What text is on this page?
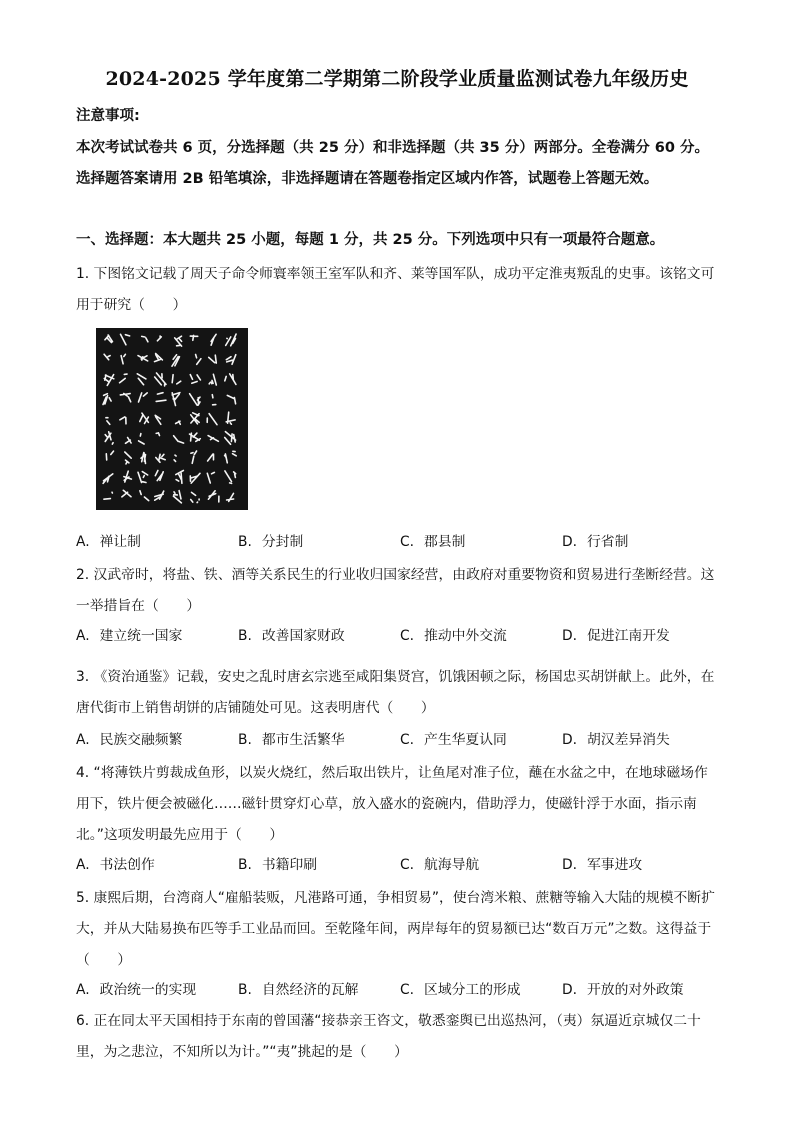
2024-2025 学年度第二学期第二阶段学业质量监测试卷九年级历史
注意事项:
本次考试试卷共 6 页，分选择题（共 25 分）和非选择题（共 35 分）两部分。全卷满分 60 分。选择题答案请用 2B 铅笔填涂，非选择题请在答题卷指定区域内作答，试题卷上答题无效。
一、选择题：本大题共 25 小题，每题 1 分，共 25 分。下列选项中只有一项最符合题意。
1. 下图铭文记载了周天子命令师寰率领王室军队和齐、莱等国军队，成功平定淮夷叛乱的史事。该铭文可用于研究（　　）
A. 禅让制	B. 分封制	C. 郡县制	D. 行省制
2. 汉武帝时，将盐、铁、酒等关系民生的行业收归国家经营，由政府对重要物资和贸易进行垄断经营。这一举措旨在（　　）
A. 建立统一国家	B. 改善国家财政	C. 推动中外交流	D. 促进江南开发
3. 《资治通鉴》记载，安史之乱时唐玄宗逃至咸阳集贤宫，饥饿困顿之际，杨国忠买胡饼献上。此外，在唐代街市上销售胡饼的店铺随处可见。这表明唐代（　　）
A. 民族交融频繁	B. 都市生活繁华	C. 产生华夏认同	D. 胡汉差异消失
4. “将薄铁片剪裁成鱼形，以炭火烧红，然后取出铁片，让鱼尾对准子位，蘸在水盆之中，在地球磁场作用下，铁片便会被磁化……磁针贯穿灯心草，放入盛水的瓷碗内，借助浮力，使磁针浮于水面，指示南北。”这项发明最先应用于（　　）
A. 书法创作	B. 书籍印刷	C. 航海导航	D. 军事进攻
5. 康熙后期，台湾商人“雇船装贩，凡港路可通，争相贸易”，使台湾米粮、蔗糖等输入大陆的规模不断扩大，并从大陆易换布匹等手工业品而回。至乾隆年间，两岸每年的贸易额已达“数百万元”之数。这得益于（　　）
A. 政治统一的实现	B. 自然经济的瓦解	C. 区域分工的形成	D. 开放的对外政策
6. 正在同太平天国相持于东南的曾国藩“接恭亲王咨文，敬悉銮舆已出巡热河，（夷）氛逼近京城仅二十里，为之悲泣，不知所以为计。”“夷”挑起的是（　　）
